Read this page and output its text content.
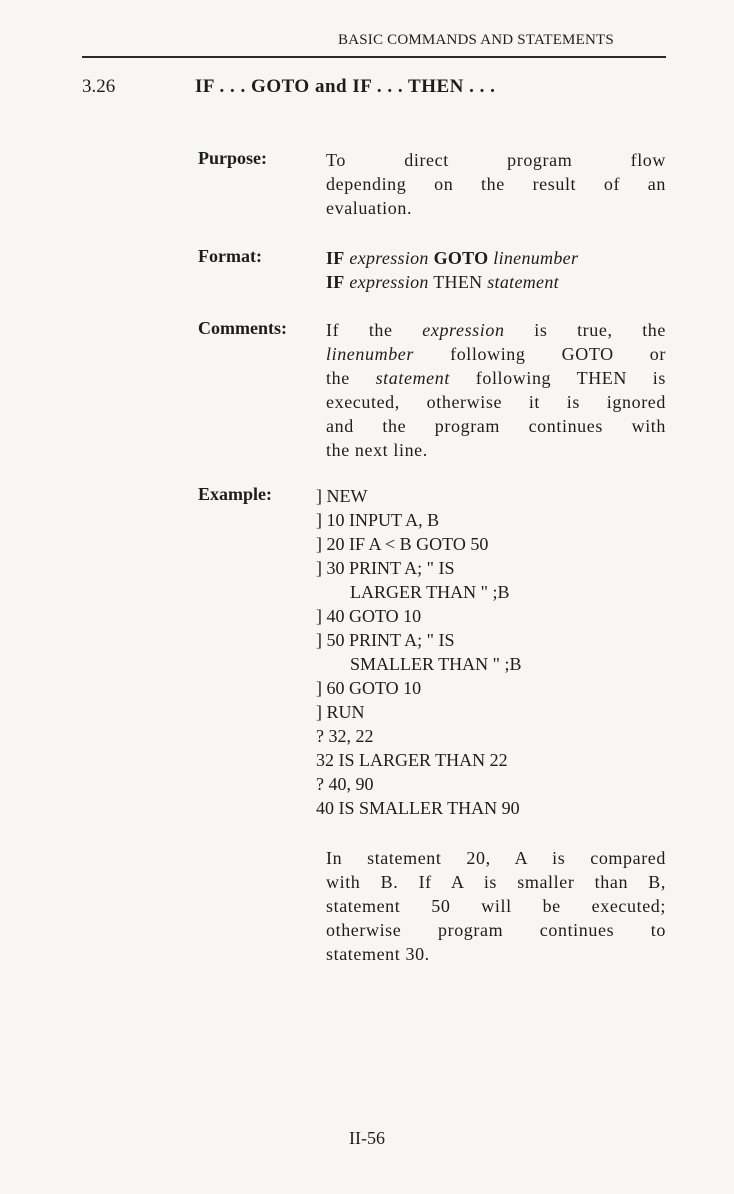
BASIC COMMANDS AND STATEMENTS
3.26	IF . . . GOTO and IF . . . THEN . . .
Purpose:	To direct program flow
depending on the result of an
evaluation.
Format:	IF expression GOTO linenumber
IF expression THEN statement
Comments: If the expression is true, the
linenumber following GOTO or
the statement following THEN is
executed, otherwise it is ignored
and the program continues with
the next line.
Example: ] NEW
] 10 INPUT A, B
] 20 IF A < B GOTO 50
] 30 PRINT A; " IS
LARGER THAN " ;B
] 40 GOTO 10
] 50 PRINT A; " IS
SMALLER THAN " ;B
] 60 GOTO 10
] RUN
? 32, 22
32 IS LARGER THAN 22
? 40, 90
40 IS SMALLER THAN 90
In statement 20, A is compared
with B. If A is smaller than B,
statement 50 will be executed;
otherwise program continues to
statement 30.
II-56
